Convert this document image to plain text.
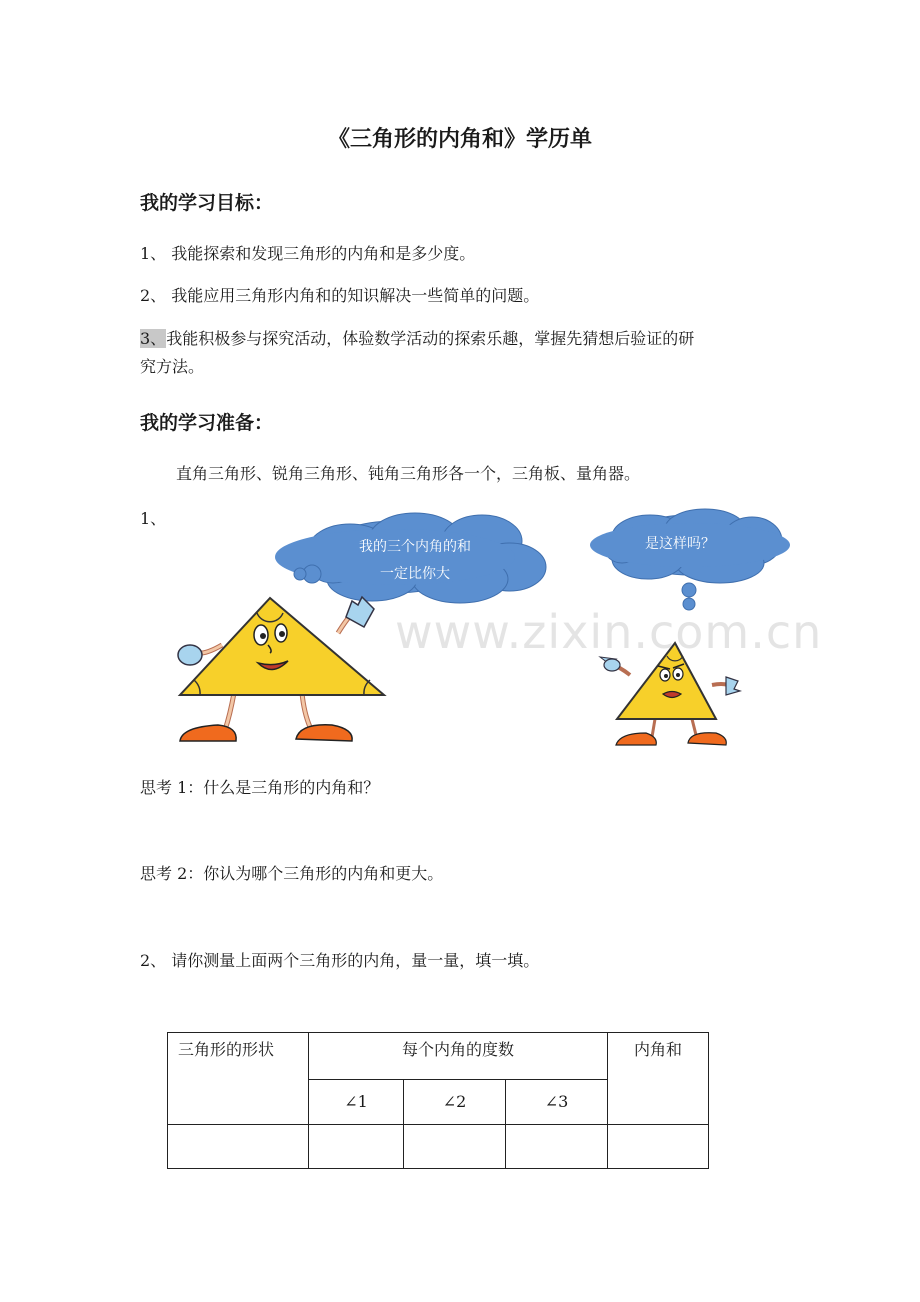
《三角形的内角和》学历单
我的学习目标：
1、 我能探索和发现三角形的内角和是多少度。
2、 我能应用三角形内角和的知识解决一些简单的问题。
3、我能积极参与探究活动，体验数学活动的探索乐趣，掌握先猜想后验证的研
究方法。
我的学习准备：
直角三角形、锐角三角形、钝角三角形各一个，三角板、量角器。
1、
我的三个内角的和
一定比你大
是这样吗？
www.zixin.com.cn
思考 1：什么是三角形的内角和？
思考 2：你认为哪个三角形的内角和更大。
2、 请你测量上面两个三角形的内角，量一量，填一填。
三角形的形状	每个内角的度数			内角和
	∠1	∠2	∠3	
